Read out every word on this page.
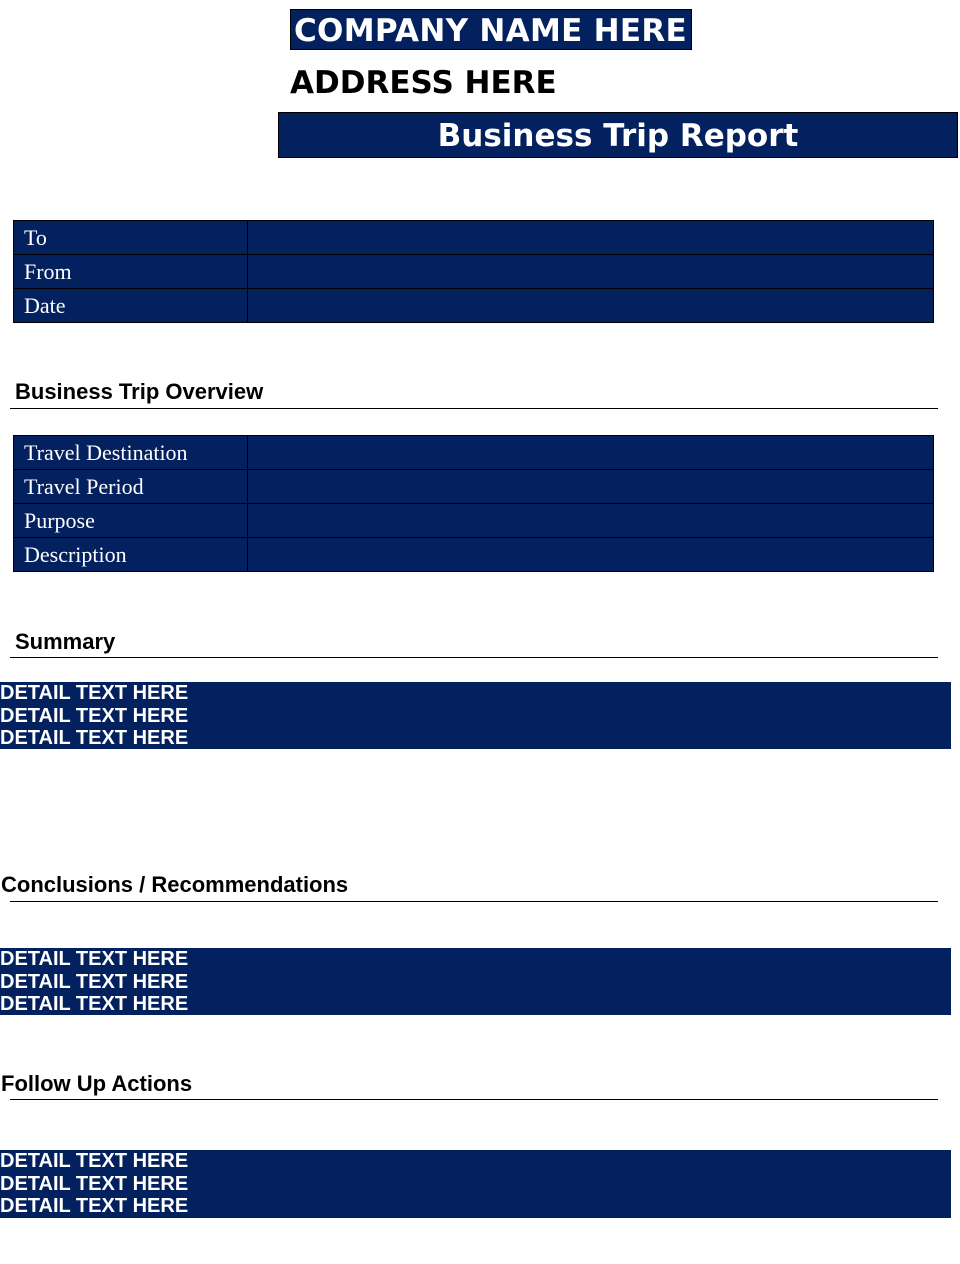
COMPANY NAME HERE
ADDRESS HERE
Business Trip Report
To	
From	
Date	
Business Trip Overview
Travel Destination	
Travel Period	
Purpose	
Description	
Summary
DETAIL TEXT HERE
DETAIL TEXT HERE
DETAIL TEXT HERE
Conclusions / Recommendations
DETAIL TEXT HERE
DETAIL TEXT HERE
DETAIL TEXT HERE
Follow Up Actions
DETAIL TEXT HERE
DETAIL TEXT HERE
DETAIL TEXT HERE
